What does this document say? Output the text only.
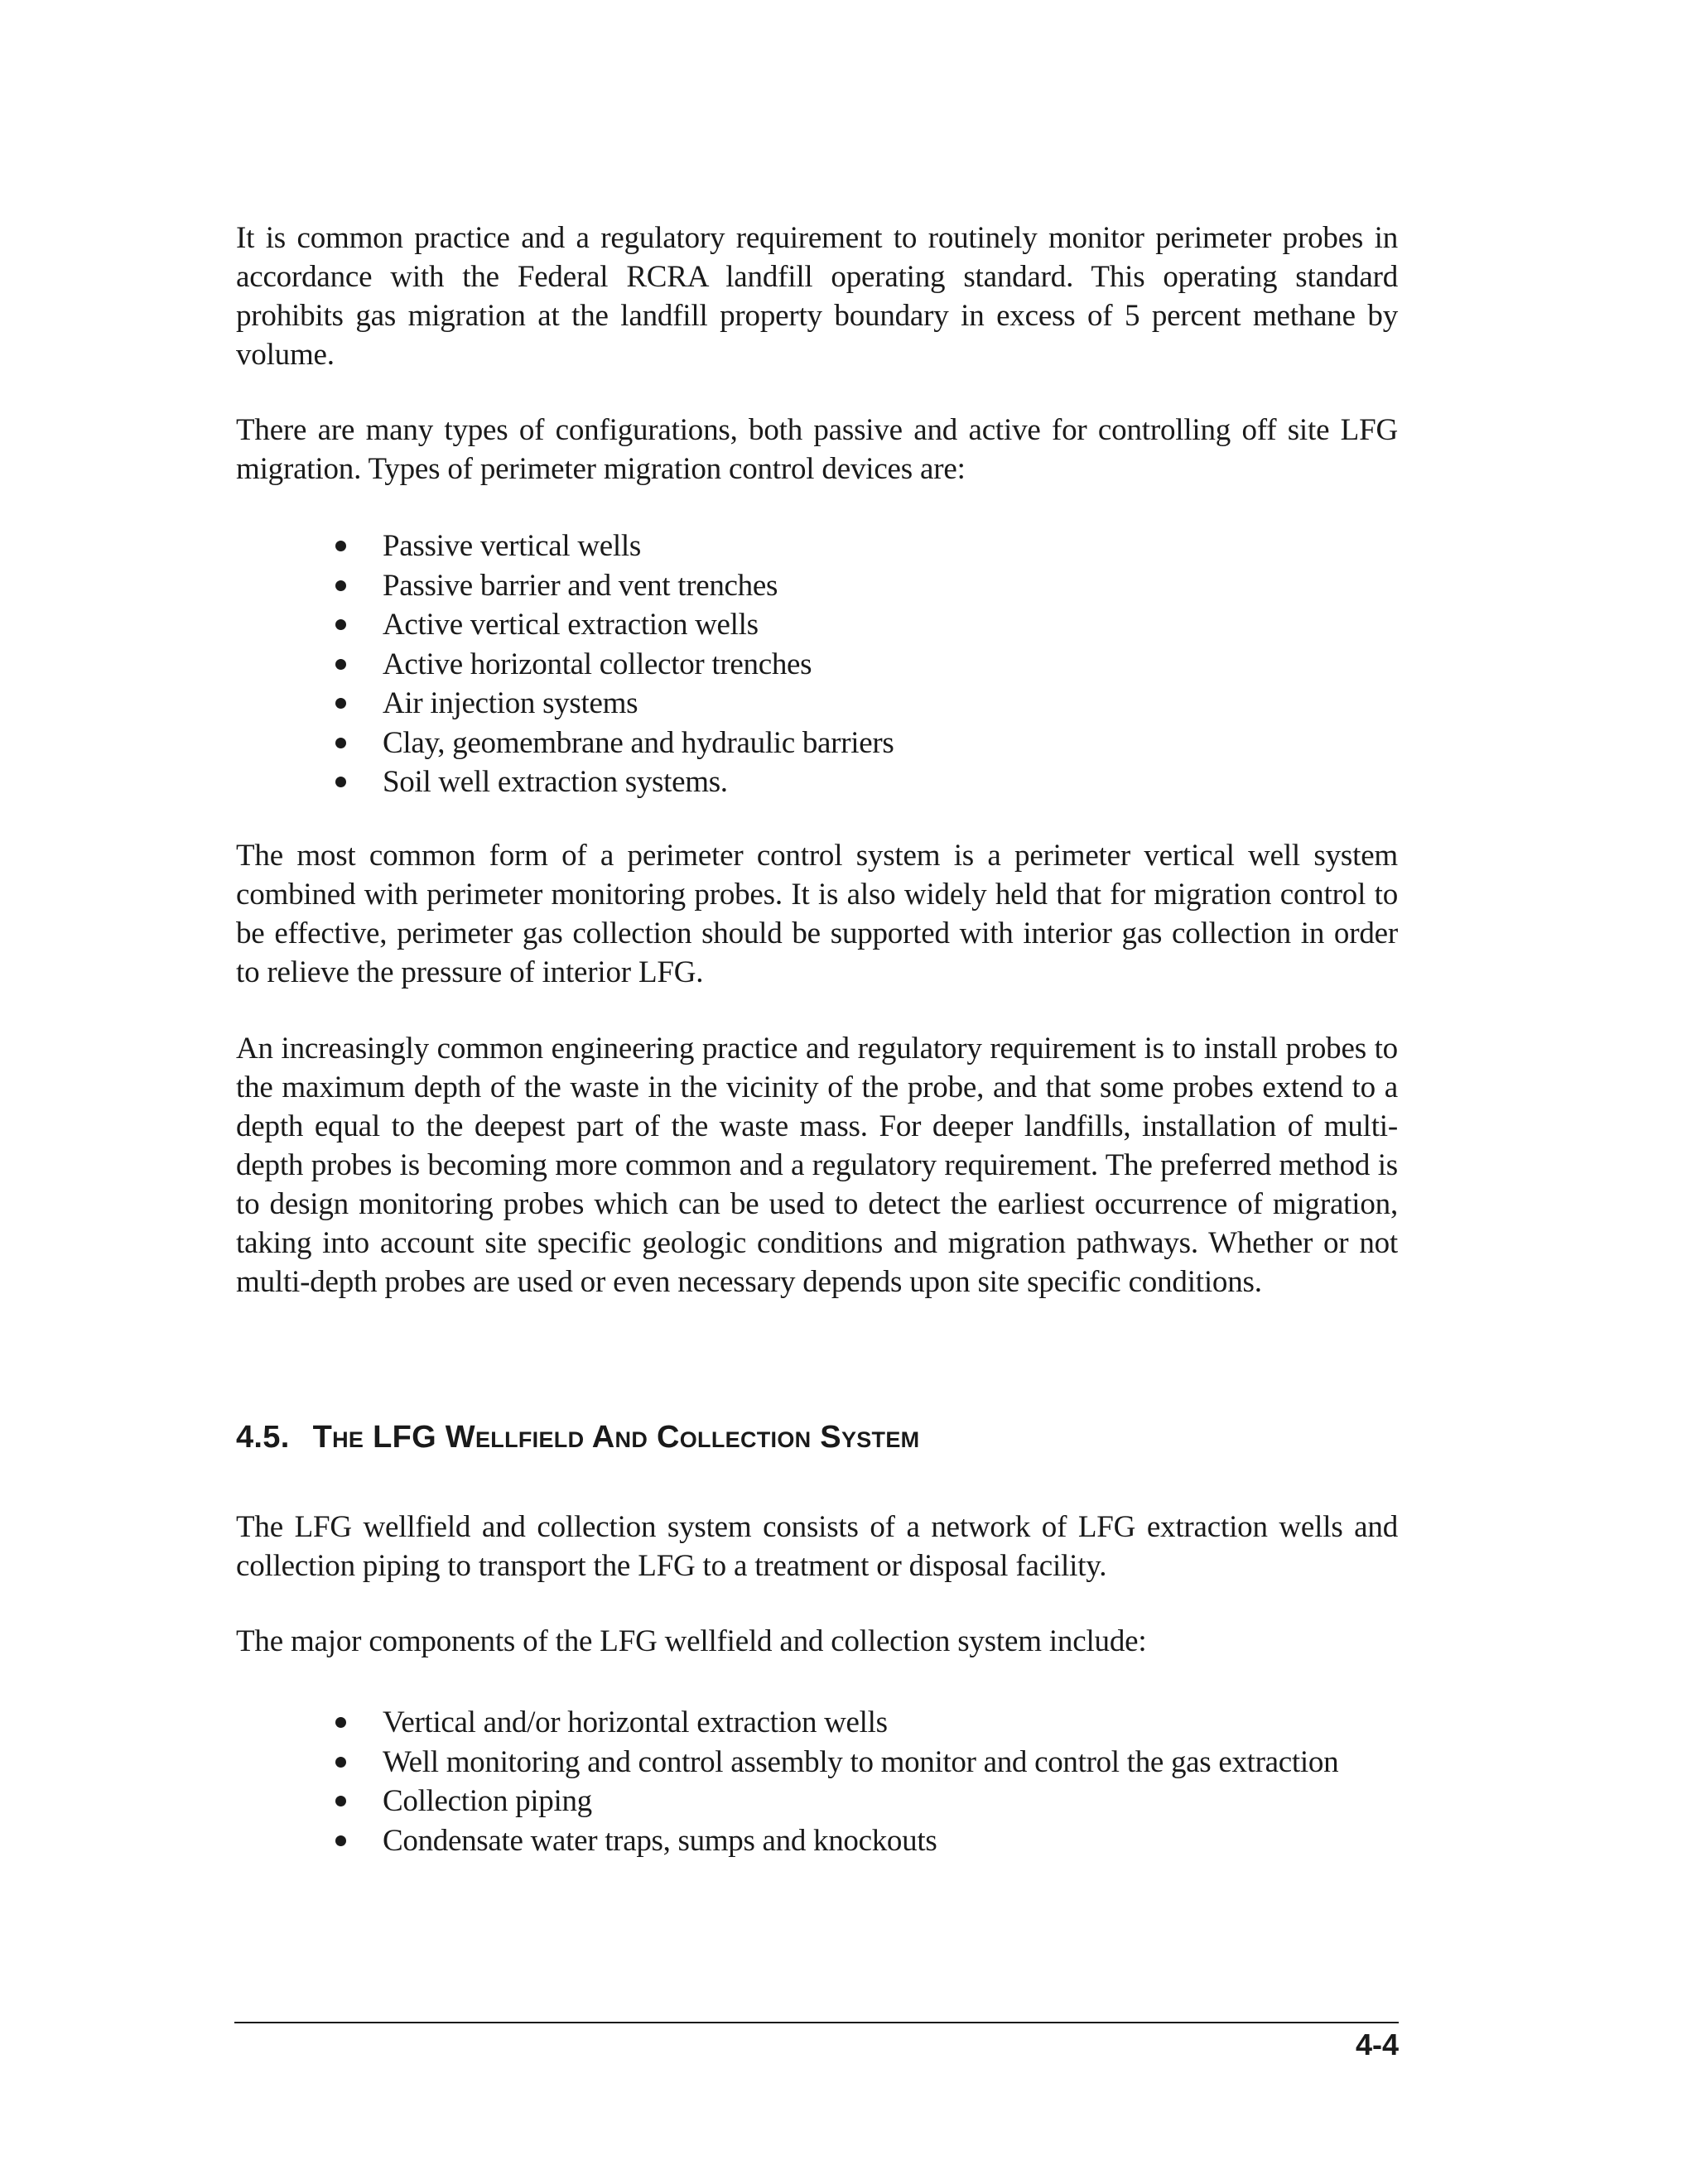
It is common practice and a regulatory requirement to routinely monitor perimeter probes in accordance with the Federal RCRA landfill operating standard. This operating standard prohibits gas migration at the landfill property boundary in excess of 5 percent methane by volume.

There are many types of configurations, both passive and active for controlling off site LFG migration. Types of perimeter migration control devices are:

Passive vertical wells
Passive barrier and vent trenches
Active vertical extraction wells
Active horizontal collector trenches
Air injection systems
Clay, geomembrane and hydraulic barriers
Soil well extraction systems.

The most common form of a perimeter control system is a perimeter vertical well system combined with perimeter monitoring probes. It is also widely held that for migration control to be effective, perimeter gas collection should be supported with interior gas collection in order to relieve the pressure of interior LFG.

An increasingly common engineering practice and regulatory requirement is to install probes to the maximum depth of the waste in the vicinity of the probe, and that some probes extend to a depth equal to the deepest part of the waste mass. For deeper landfills, installation of multi-depth probes is becoming more common and a regulatory requirement. The preferred method is to design monitoring probes which can be used to detect the earliest occurrence of migration, taking into account site specific geologic conditions and migration pathways. Whether or not multi-depth probes are used or even necessary depends upon site specific conditions.

4.5. The LFG Wellfield And Collection System

The LFG wellfield and collection system consists of a network of LFG extraction wells and collection piping to transport the LFG to a treatment or disposal facility.

The major components of the LFG wellfield and collection system include:

Vertical and/or horizontal extraction wells
Well monitoring and control assembly to monitor and control the gas extraction
Collection piping
Condensate water traps, sumps and knockouts
4-4
